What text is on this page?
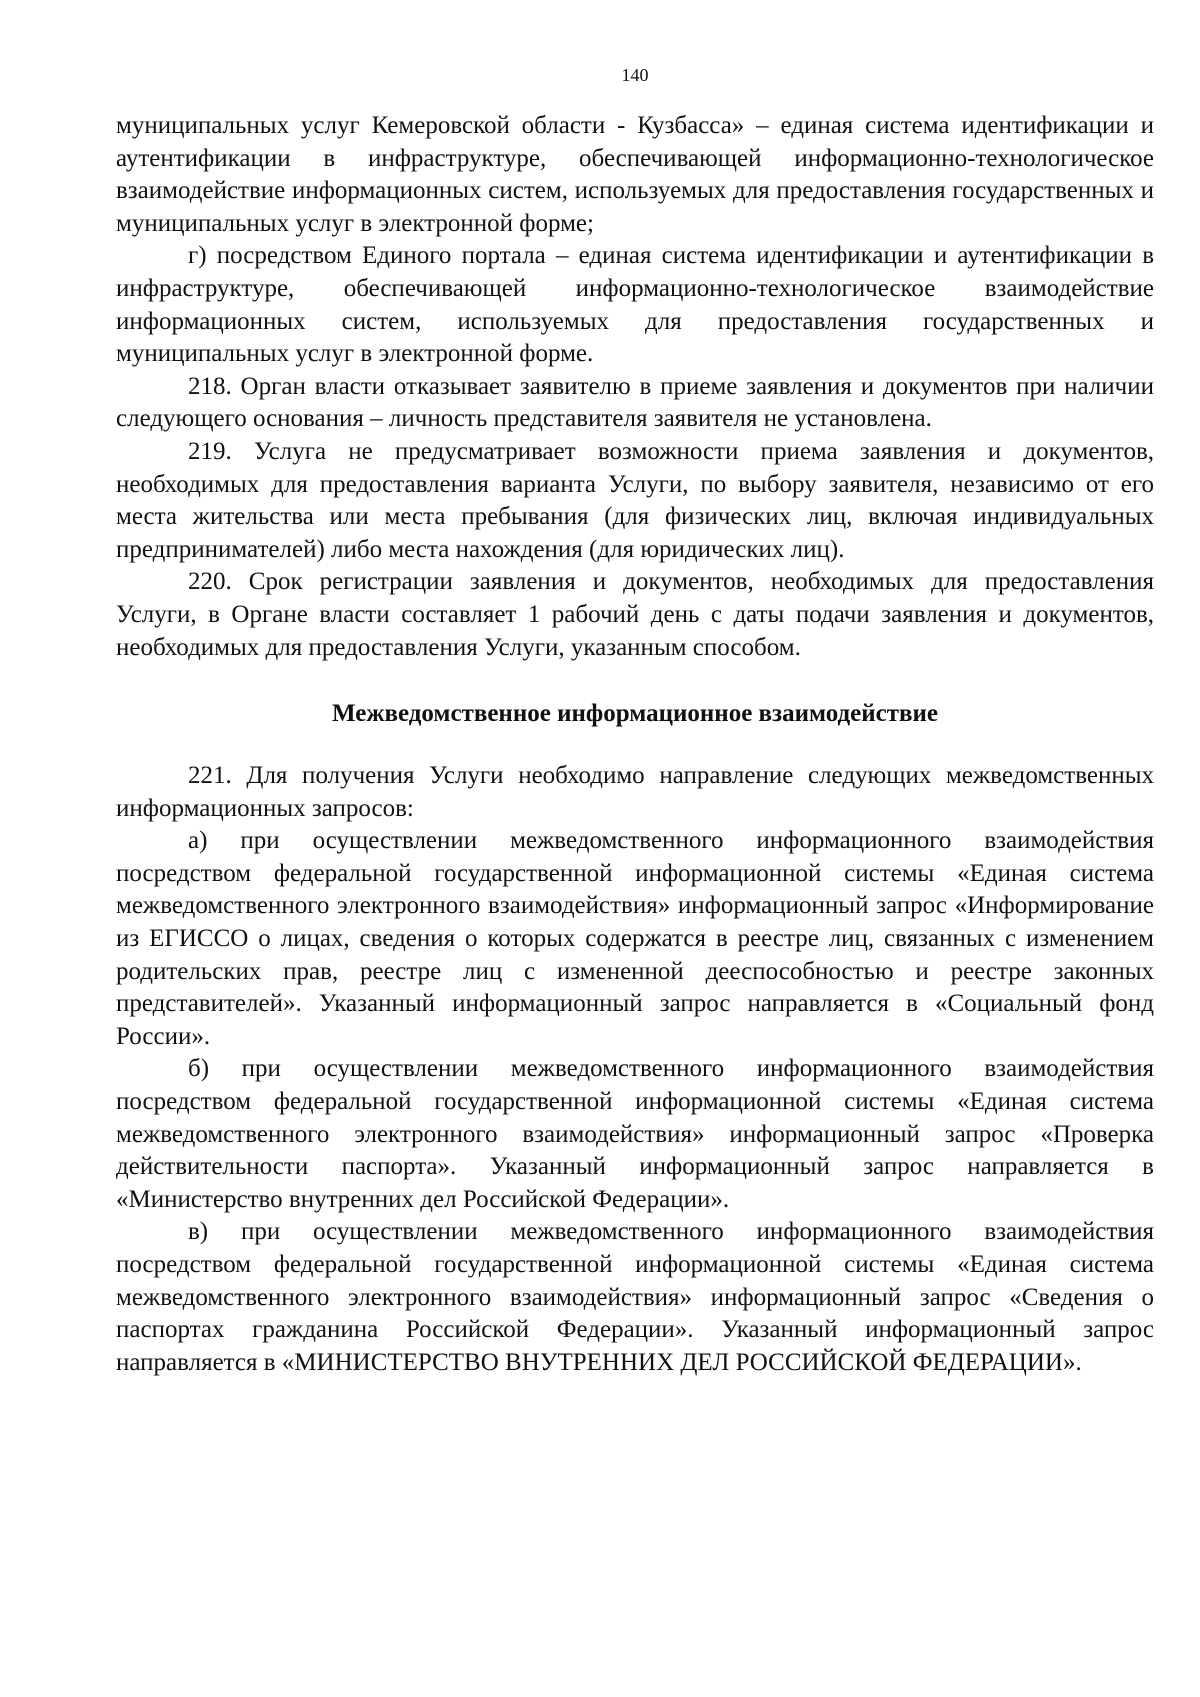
140

муниципальных услуг Кемеровской области - Кузбасса» – единая система идентификации и аутентификации в инфраструктуре, обеспечивающей информационно-технологическое взаимодействие информационных систем, используемых для предоставления государственных и муниципальных услуг в электронной форме;

г) посредством Единого портала – единая система идентификации и аутентификации в инфраструктуре, обеспечивающей информационно-технологическое взаимодействие информационных систем, используемых для предоставления государственных и муниципальных услуг в электронной форме.

218. Орган власти отказывает заявителю в приеме заявления и документов при наличии следующего основания – личность представителя заявителя не установлена.

219. Услуга не предусматривает возможности приема заявления и документов, необходимых для предоставления варианта Услуги, по выбору заявителя, независимо от его места жительства или места пребывания (для физических лиц, включая индивидуальных предпринимателей) либо места нахождения (для юридических лиц).

220. Срок регистрации заявления и документов, необходимых для предоставления Услуги, в Органе власти составляет 1 рабочий день с даты подачи заявления и документов, необходимых для предоставления Услуги, указанным способом.

Межведомственное информационное взаимодействие

221. Для получения Услуги необходимо направление следующих межведомственных информационных запросов:

а) при осуществлении межведомственного информационного взаимодействия посредством федеральной государственной информационной системы «Единая система межведомственного электронного взаимодействия» информационный запрос «Информирование из ЕГИССО о лицах, сведения о которых содержатся в реестре лиц, связанных с изменением родительских прав, реестре лиц с измененной дееспособностью и реестре законных представителей». Указанный информационный запрос направляется в «Социальный фонд России».

б) при осуществлении межведомственного информационного взаимодействия посредством федеральной государственной информационной системы «Единая система межведомственного электронного взаимодействия» информационный запрос «Проверка действительности паспорта». Указанный информационный запрос направляется в «Министерство внутренних дел Российской Федерации».

в) при осуществлении межведомственного информационного взаимодействия посредством федеральной государственной информационной системы «Единая система межведомственного электронного взаимодействия» информационный запрос «Сведения о паспортах гражданина Российской Федерации». Указанный информационный запрос направляется в «МИНИСТЕРСТВО ВНУТРЕННИХ ДЕЛ РОССИЙСКОЙ ФЕДЕРАЦИИ».
